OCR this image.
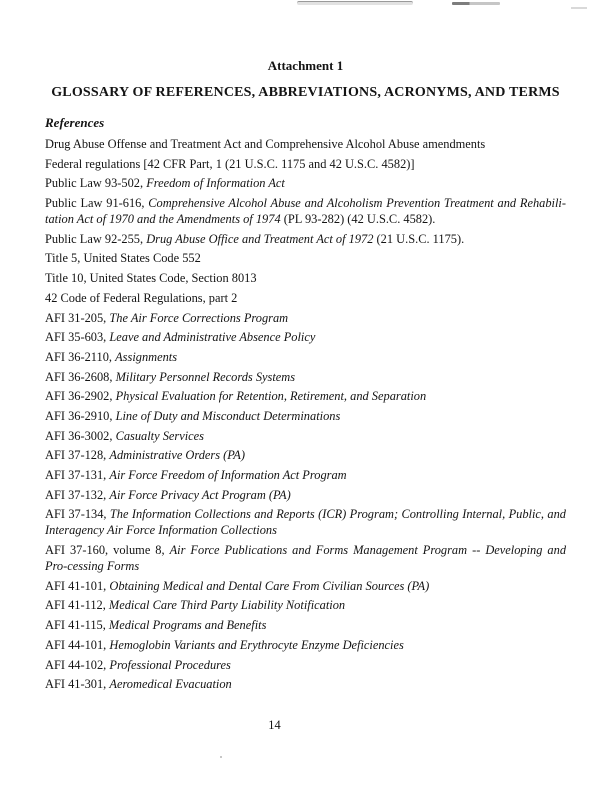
Attachment 1

GLOSSARY OF REFERENCES, ABBREVIATIONS, ACRONYMS, AND TERMS
References

Drug Abuse Offense and Treatment Act and Comprehensive Alcohol Abuse amendments

Federal regulations [42 CFR Part, 1 (21 U.S.C. 1175 and 42 U.S.C. 4582)]

Public Law 93-502, Freedom of Information Act

Public Law 91-616, Comprehensive Alcohol Abuse and Alcoholism Prevention Treatment and Rehabili-tation Act of 1970 and the Amendments of 1974 (PL 93-282) (42 U.S.C. 4582).

Public Law 92-255, Drug Abuse Office and Treatment Act of 1972 (21 U.S.C. 1175).

Title 5, United States Code 552

Title 10, United States Code, Section 8013

42 Code of Federal Regulations, part 2

AFI 31-205, The Air Force Corrections Program

AFI 35-603, Leave and Administrative Absence Policy

AFI 36-2110, Assignments

AFI 36-2608, Military Personnel Records Systems

AFI 36-2902, Physical Evaluation for Retention, Retirement, and Separation

AFI 36-2910, Line of Duty and Misconduct Determinations

AFI 36-3002, Casualty Services

AFI 37-128, Administrative Orders (PA)

AFI 37-131, Air Force Freedom of Information Act Program

AFI 37-132, Air Force Privacy Act Program (PA)

AFI 37-134, The Information Collections and Reports (ICR) Program; Controlling Internal, Public, and Interagency Air Force Information Collections

AFI 37-160, volume 8, Air Force Publications and Forms Management Program -- Developing and Pro-cessing Forms

AFI 41-101, Obtaining Medical and Dental Care From Civilian Sources (PA)

AFI 41-112, Medical Care Third Party Liability Notification

AFI 41-115, Medical Programs and Benefits

AFI 44-101, Hemoglobin Variants and Erythrocyte Enzyme Deficiencies

AFI 44-102, Professional Procedures

AFI 41-301, Aeromedical Evacuation

14
